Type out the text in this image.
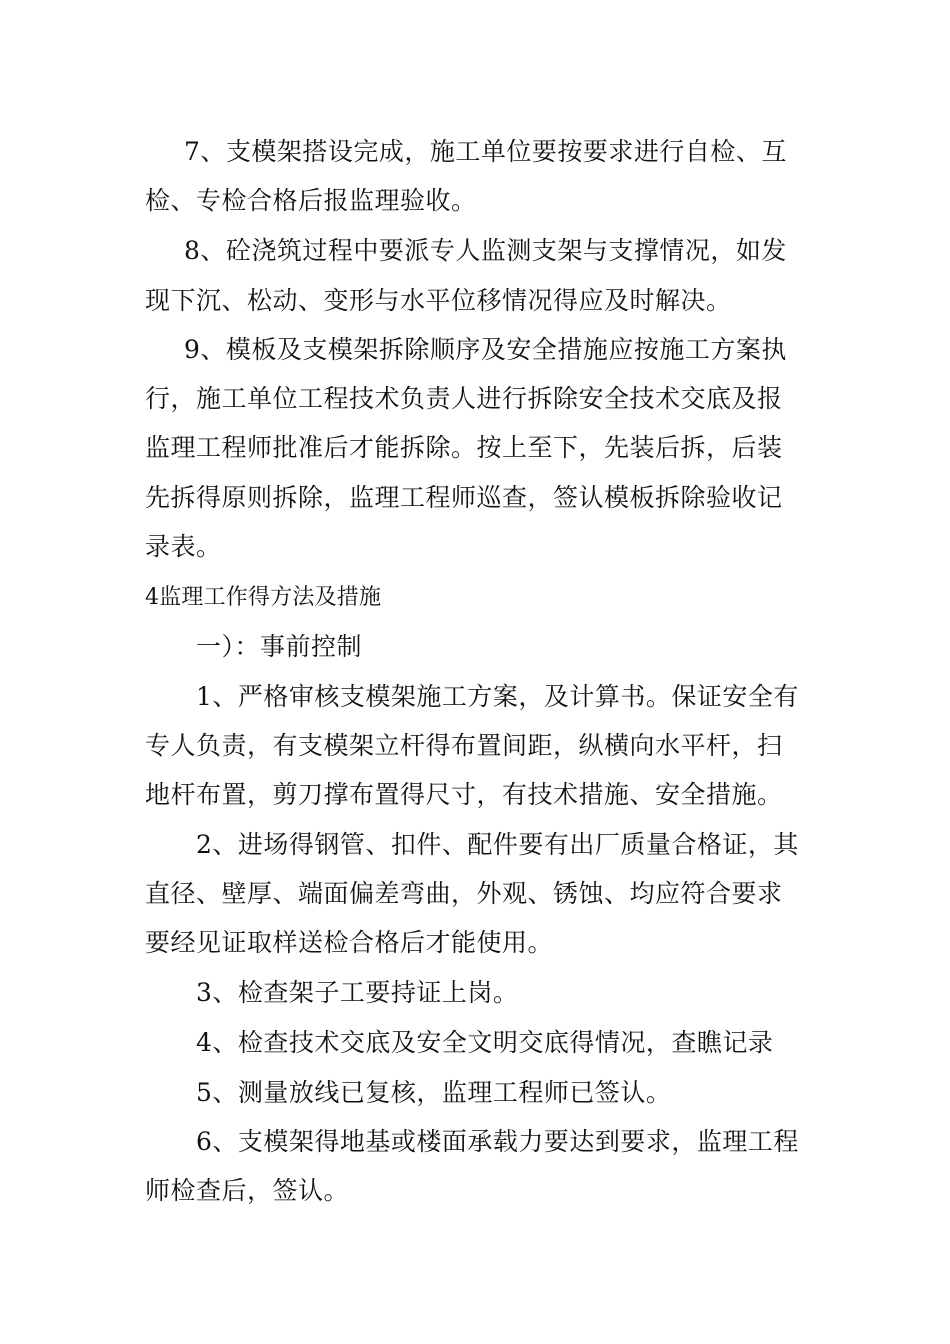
7、支模架搭设完成，施工单位要按要求进行自检、互
检、专检合格后报监理验收。
8、砼浇筑过程中要派专人监测支架与支撑情况，如发
现下沉、松动、变形与水平位移情况得应及时解决。
9、模板及支模架拆除顺序及安全措施应按施工方案执
行，施工单位工程技术负责人进行拆除安全技术交底及报
监理工程师批准后才能拆除。按上至下，先装后拆，后装
先拆得原则拆除，监理工程师巡查，签认模板拆除验收记
录表。
4监理工作得方法及措施
一）：事前控制
1、严格审核支模架施工方案，及计算书。保证安全有
专人负责，有支模架立杆得布置间距，纵横向水平杆，扫
地杆布置，剪刀撑布置得尺寸，有技术措施、安全措施。
2、进场得钢管、扣件、配件要有出厂质量合格证，其
直径、壁厚、端面偏差弯曲，外观、锈蚀、均应符合要求
要经见证取样送检合格后才能使用。
3、检查架子工要持证上岗。
4、检查技术交底及安全文明交底得情况，查瞧记录
5、测量放线已复核，监理工程师已签认。
6、支模架得地基或楼面承载力要达到要求，监理工程
师检查后，签认。
